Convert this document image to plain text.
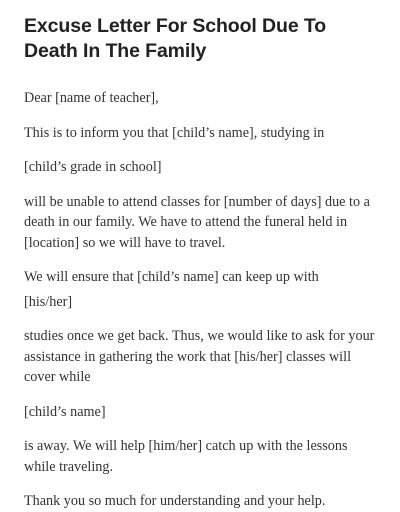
Excuse Letter For School Due To Death In The Family

Dear [name of teacher],

This is to inform you that [child’s name], studying in

[child’s grade in school]

will be unable to attend classes for [number of days] due to a death in our family. We have to attend the funeral held in [location] so we will have to travel.

We will ensure that [child’s name] can keep up with

[his/her]

studies once we get back. Thus, we would like to ask for your assistance in gathering the work that [his/her] classes will cover while

[child’s name]

is away. We will help [him/her] catch up with the lessons while traveling.

Thank you so much for understanding and your help.
